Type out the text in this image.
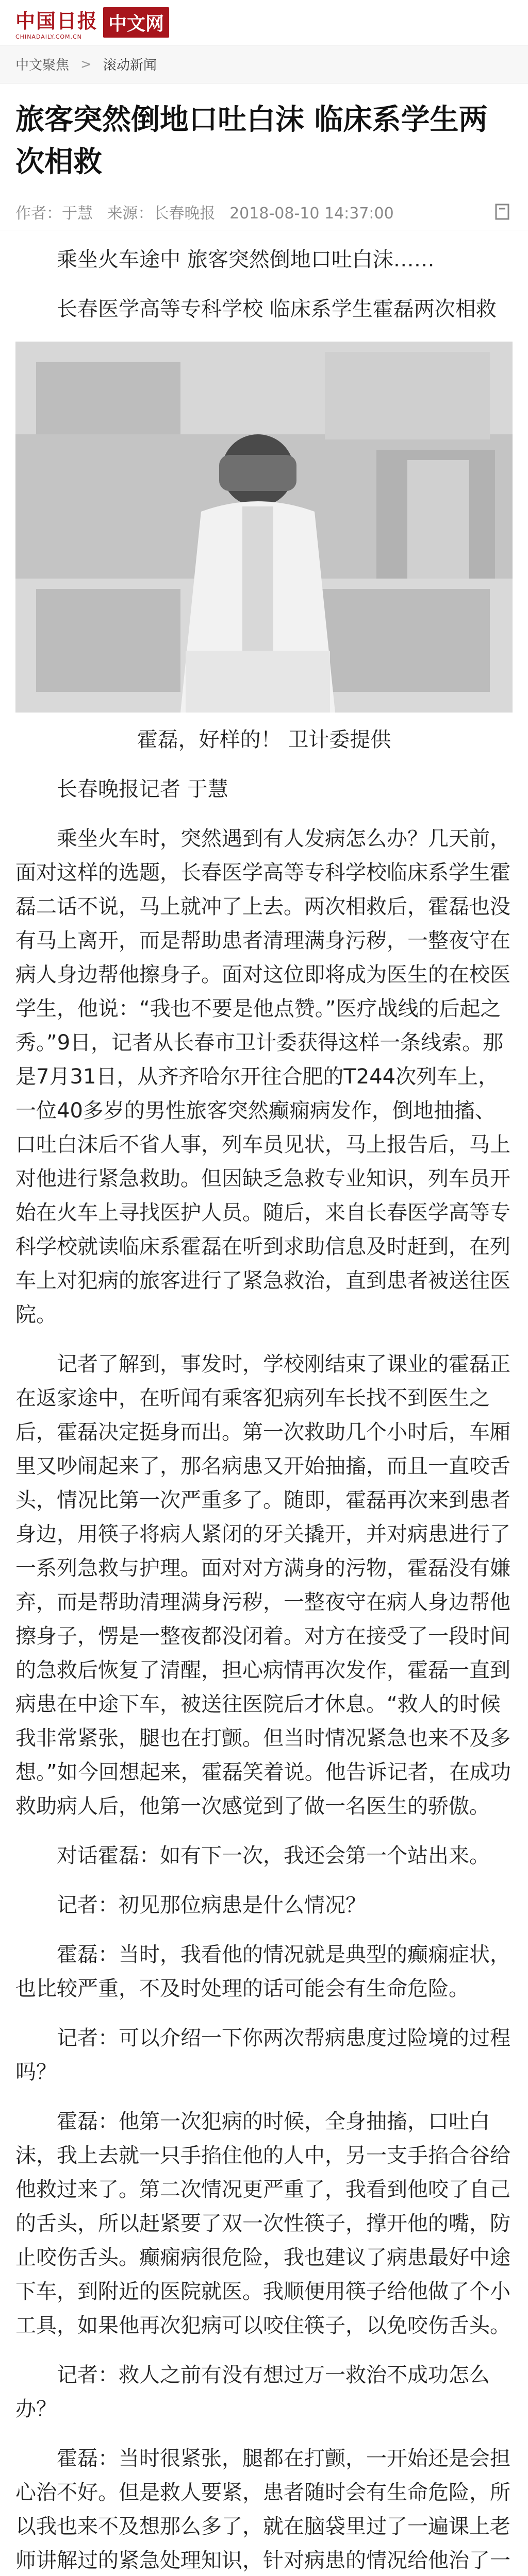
中国日报
CHINADAILY.COM.CN
中文网
中文聚焦 > 滚动新闻
旅客突然倒地口吐白沫 临床系学生两次相救
作者：于慧 来源：长春晚报 2018-08-10 14:37:00

乘坐火车途中 旅客突然倒地口吐白沫……

长春医学高等专科学校 临床系学生霍磊两次相救

霍磊，好样的！ 卫计委提供

长春晚报记者 于慧

乘坐火车时，突然遇到有人发病怎么办？几天前，面对这样的选题，长春医学高等专科学校临床系学生霍磊二话不说，马上就冲了上去。两次相救后，霍磊也没有马上离开，而是帮助患者清理满身污秽，一整夜守在病人身边帮他擦身子。面对这位即将成为医生的在校医学生，他说：“我也不要是他点赞。”医疗战线的后起之秀。”9日，记者从长春市卫计委获得这样一条线索。那是7月31日，从齐齐哈尔开往合肥的T244次列车上，一位40多岁的男性旅客突然癫痫病发作，倒地抽搐、口吐白沫后不省人事，列车员见状，马上报告后，马上对他进行紧急救助。但因缺乏急救专业知识，列车员开始在火车上寻找医护人员。随后，来自长春医学高等专科学校就读临床系霍磊在听到求助信息及时赶到，在列车上对犯病的旅客进行了紧急救治，直到患者被送往医院。

记者了解到，事发时，学校刚结束了课业的霍磊正在返家途中，在听闻有乘客犯病列车长找不到医生之后，霍磊决定挺身而出。第一次救助几个小时后，车厢里又吵闹起来了，那名病患又开始抽搐，而且一直咬舌头，情况比第一次严重多了。随即，霍磊再次来到患者身边，用筷子将病人紧闭的牙关撬开，并对病患进行了一系列急救与护理。面对对方满身的污物，霍磊没有嫌弃，而是帮助清理满身污秽，一整夜守在病人身边帮他擦身子，愣是一整夜都没闭着。对方在接受了一段时间的急救后恢复了清醒，担心病情再次发作，霍磊一直到病患在中途下车，被送往医院后才休息。“救人的时候我非常紧张，腿也在打颤。但当时情况紧急也来不及多想。”如今回想起来，霍磊笑着说。他告诉记者，在成功救助病人后，他第一次感觉到了做一名医生的骄傲。

对话霍磊：如有下一次，我还会第一个站出来。

记者：初见那位病患是什么情况？

霍磊：当时，我看他的情况就是典型的癫痫症状，也比较严重，不及时处理的话可能会有生命危险。

记者：可以介绍一下你两次帮病患度过险境的过程吗？

霍磊：他第一次犯病的时候，全身抽搐，口吐白沫，我上去就一只手掐住他的人中，另一支手掐合谷给他救过来了。第二次情况更严重了，我看到他咬了自己的舌头，所以赶紧要了双一次性筷子，撑开他的嘴，防止咬伤舌头。癫痫病很危险，我也建议了病患最好中途下车，到附近的医院就医。我顺便用筷子给他做了个小工具，如果他再次犯病可以咬住筷子，以免咬伤舌头。

记者：救人之前有没有想过万一救治不成功怎么办？

霍磊：当时很紧张，腿都在打颤，一开始还是会担心治不好。但是救人要紧，患者随时会有生命危险，所以我也来不及想那么多了，就在脑袋里过了一遍课上老师讲解过的紧急处理知识，针对病患的情况给他治了一
